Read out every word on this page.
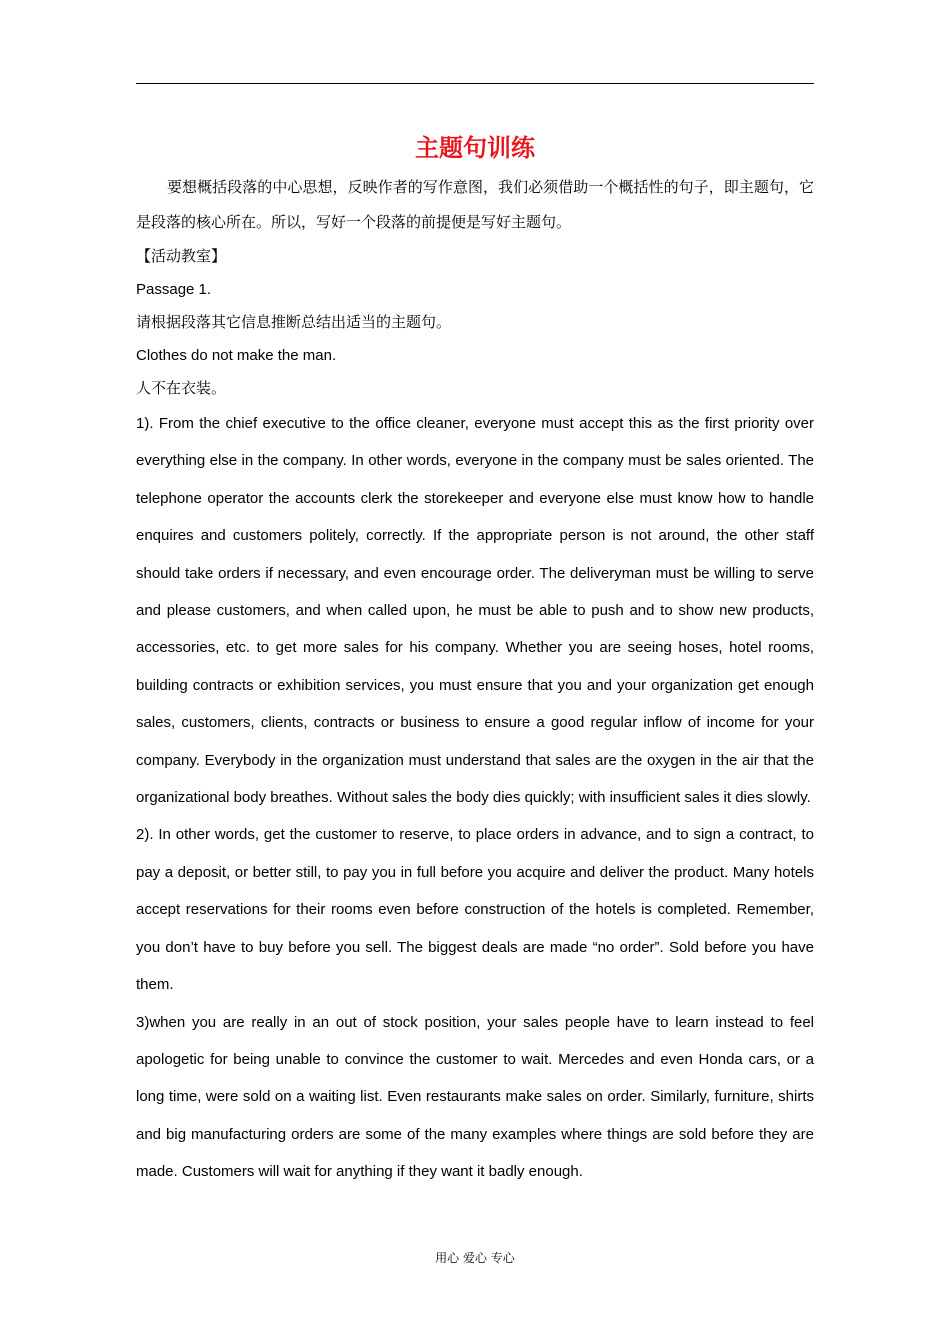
主题句训练

要想概括段落的中心思想，反映作者的写作意图，我们必须借助一个概括性的句子，即主题句，它是段落的核心所在。所以，写好一个段落的前提便是写好主题句。

【活动教室】

Passage 1.

请根据段落其它信息推断总结出适当的主题句。

Clothes do not make the man.

人不在衣装。

1). From the chief executive to the office cleaner, everyone must accept this as the first priority over everything else in the company. In other words, everyone in the company must be sales oriented. The telephone operator the accounts clerk the storekeeper and everyone else must know how to handle enquires and customers politely, correctly. If the appropriate person is not around, the other staff should take orders if necessary, and even encourage order. The deliveryman must be willing to serve and please customers, and when called upon, he must be able to push and to show new products, accessories, etc. to get more sales for his company. Whether you are seeing hoses, hotel rooms, building contracts or exhibition services, you must ensure that you and your organization get enough sales, customers, clients, contracts or business to ensure a good regular inflow of income for your company. Everybody in the organization must understand that sales are the oxygen in the air that the organizational body breathes. Without sales the body dies quickly; with insufficient sales it dies slowly.

2). In other words, get the customer to reserve, to place orders in advance, and to sign a contract, to pay a deposit, or better still, to pay you in full before you acquire and deliver the product. Many hotels accept reservations for their rooms even before construction of the hotels is completed. Remember, you don’t have to buy before you sell. The biggest deals are made “no order”. Sold before you have them.

3)when you are really in an out of stock position, your sales people have to learn instead to feel apologetic for being unable to convince the customer to wait. Mercedes and even Honda cars, or a long time, were sold on a waiting list. Even restaurants make sales on order. Similarly, furniture, shirts and big manufacturing orders are some of the many examples where things are sold before they are made. Customers will wait for anything if they want it badly enough.

用心 爱心 专心
